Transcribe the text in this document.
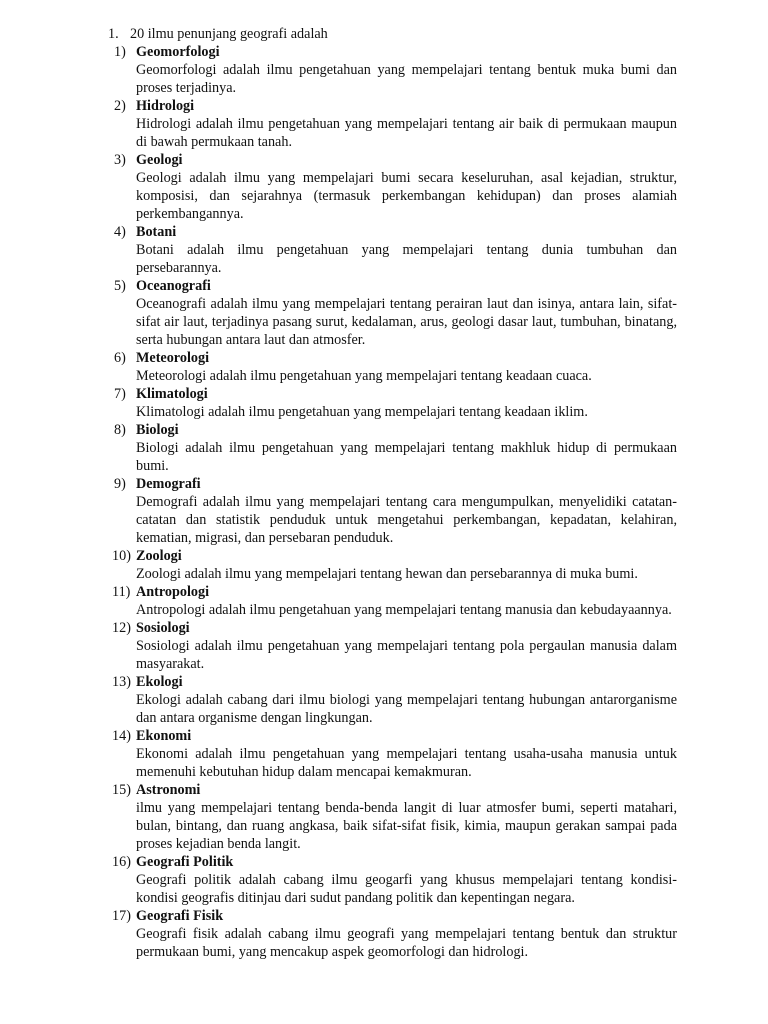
1. 20 ilmu penunjang geografi adalah
1) Geomorfologi
Geomorfologi adalah ilmu pengetahuan yang mempelajari tentang bentuk muka bumi dan proses terjadinya.
2) Hidrologi
Hidrologi adalah ilmu pengetahuan yang mempelajari tentang air baik di permukaan maupun di bawah permukaan tanah.
3) Geologi
Geologi adalah ilmu yang mempelajari bumi secara keseluruhan, asal kejadian, struktur, komposisi, dan sejarahnya (termasuk perkembangan kehidupan) dan proses alamiah perkembangannya.
4) Botani
Botani adalah ilmu pengetahuan yang mempelajari tentang dunia tumbuhan dan persebarannya.
5) Oceanografi
Oceanografi adalah ilmu yang mempelajari tentang perairan laut dan isinya, antara lain, sifat-sifat air laut, terjadinya pasang surut, kedalaman, arus, geologi dasar laut, tumbuhan, binatang, serta hubungan antara laut dan atmosfer.
6) Meteorologi
Meteorologi adalah ilmu pengetahuan yang mempelajari tentang keadaan cuaca.
7) Klimatologi
Klimatologi adalah ilmu pengetahuan yang mempelajari tentang keadaan iklim.
8) Biologi
Biologi adalah ilmu pengetahuan yang mempelajari tentang makhluk hidup di permukaan bumi.
9) Demografi
Demografi adalah ilmu yang mempelajari tentang cara mengumpulkan, menyelidiki catatan-catatan dan statistik penduduk untuk mengetahui perkembangan, kepadatan, kelahiran, kematian, migrasi, dan persebaran penduduk.
10) Zoologi
Zoologi adalah ilmu yang mempelajari tentang hewan dan persebarannya di muka bumi.
11) Antropologi
Antropologi adalah ilmu pengetahuan yang mempelajari tentang manusia dan kebudayaannya.
12) Sosiologi
Sosiologi adalah ilmu pengetahuan yang mempelajari tentang pola pergaulan manusia dalam masyarakat.
13) Ekologi
Ekologi adalah cabang dari ilmu biologi yang mempelajari tentang hubungan antarorganisme dan antara organisme dengan lingkungan.
14) Ekonomi
Ekonomi adalah ilmu pengetahuan yang mempelajari tentang usaha-usaha manusia untuk memenuhi kebutuhan hidup dalam mencapai kemakmuran.
15) Astronomi
ilmu yang mempelajari tentang benda-benda langit di luar atmosfer bumi, seperti matahari, bulan, bintang, dan ruang angkasa, baik sifat-sifat fisik, kimia, maupun gerakan sampai pada proses kejadian benda langit.
16) Geografi Politik
Geografi politik adalah cabang ilmu geogarfi yang khusus mempelajari tentang kondisi-kondisi geografis ditinjau dari sudut pandang politik dan kepentingan negara.
17) Geografi Fisik
Geografi fisik adalah cabang ilmu geografi yang mempelajari tentang bentuk dan struktur permukaan bumi, yang mencakup aspek geomorfologi dan hidrologi.
